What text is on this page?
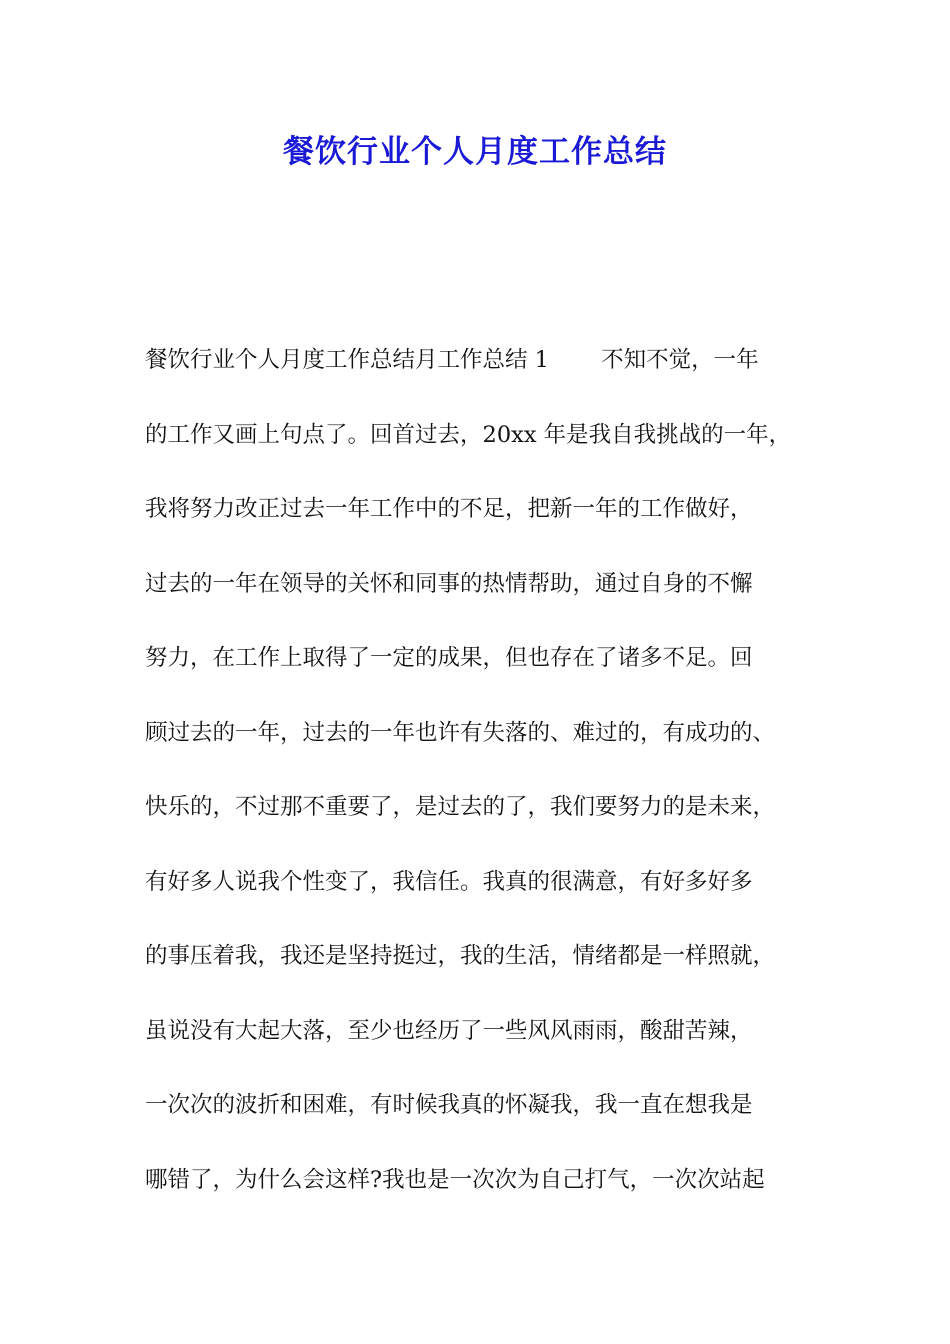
餐饮行业个人月度工作总结
餐饮行业个人月度工作总结月工作总结 1　　 不知不觉，一年
的工作又画上句点了。回首过去，20xx 年是我自我挑战的一年，
我将努力改正过去一年工作中的不足，把新一年的工作做好，
过去的一年在领导的关怀和同事的热情帮助，通过自身的不懈
努力，在工作上取得了一定的成果，但也存在了诸多不足。回
顾过去的一年，过去的一年也许有失落的、难过的，有成功的、
快乐的，不过那不重要了，是过去的了，我们要努力的是未来，
有好多人说我个性变了，我信任。我真的很满意，有好多好多
的事压着我，我还是坚持挺过，我的生活，情绪都是一样照就，
虽说没有大起大落，至少也经历了一些风风雨雨，酸甜苦辣，
一次次的波折和困难，有时候我真的怀凝我，我一直在想我是
哪错了，为什么会这样?我也是一次次为自己打气，一次次站起
